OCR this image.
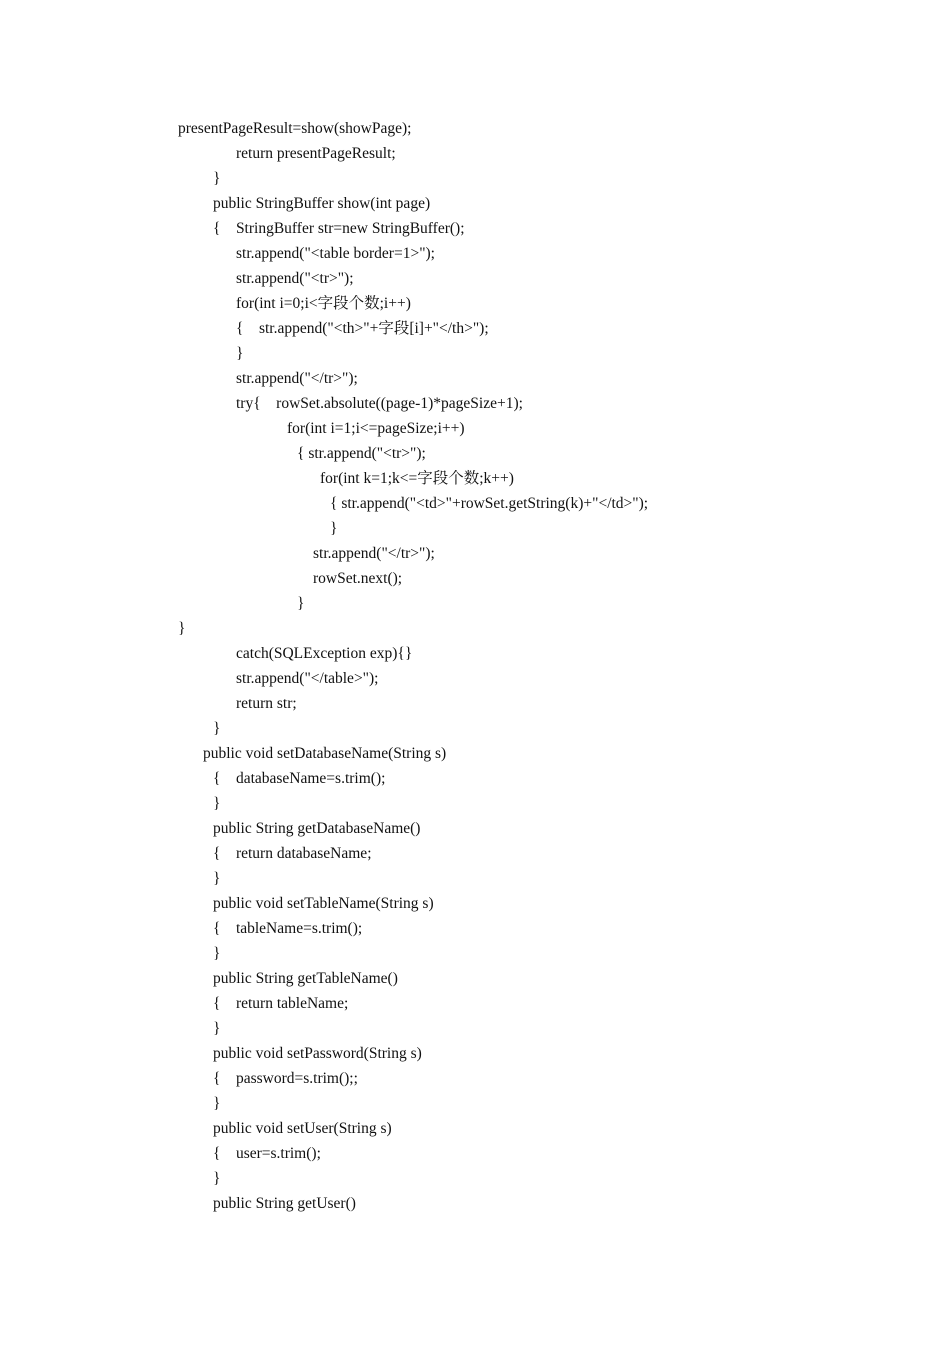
presentPageResult=show(showPage);
return presentPageResult;
}
public StringBuffer show(int page)
{    StringBuffer str=new StringBuffer();
str.append("<table border=1>");
str.append("<tr>");
for(int i=0;i<字段个数;i++)
{    str.append("<th>"+字段[i]+"</th>");
}
str.append("</tr>");
try{    rowSet.absolute((page-1)*pageSize+1);
for(int i=1;i<=pageSize;i++)
{ str.append("<tr>");
for(int k=1;k<=字段个数;k++)
{ str.append("<td>"+rowSet.getString(k)+"</td>");
}
str.append("</tr>");
rowSet.next();
}
}
catch(SQLException exp){}
str.append("</table>");
return str;
}
public void setDatabaseName(String s)
{    databaseName=s.trim();
}
public String getDatabaseName()
{    return databaseName;
}
public void setTableName(String s)
{    tableName=s.trim();
}
public String getTableName()
{    return tableName;
}
public void setPassword(String s)
{    password=s.trim();;
}
public void setUser(String s)
{    user=s.trim();
}
public String getUser()
